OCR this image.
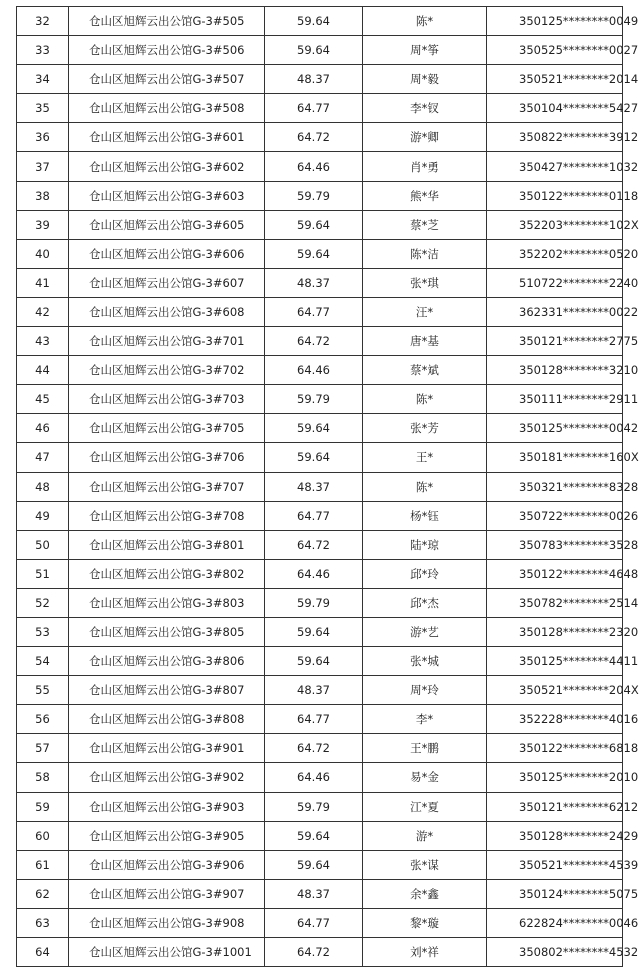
32	仓山区旭辉云出公馆G-3#505	59.64	陈*	350125********0049
33	仓山区旭辉云出公馆G-3#506	59.64	周*筝	350525********0027
34	仓山区旭辉云出公馆G-3#507	48.37	周*毅	350521********2014
35	仓山区旭辉云出公馆G-3#508	64.77	李*钗	350104********5427
36	仓山区旭辉云出公馆G-3#601	64.72	游*卿	350822********3912
37	仓山区旭辉云出公馆G-3#602	64.46	肖*勇	350427********1032
38	仓山区旭辉云出公馆G-3#603	59.79	熊*华	350122********0118
39	仓山区旭辉云出公馆G-3#605	59.64	蔡*芝	352203********102X
40	仓山区旭辉云出公馆G-3#606	59.64	陈*洁	352202********0520
41	仓山区旭辉云出公馆G-3#607	48.37	张*琪	510722********2240
42	仓山区旭辉云出公馆G-3#608	64.77	汪*	362331********0022
43	仓山区旭辉云出公馆G-3#701	64.72	唐*基	350121********2775
44	仓山区旭辉云出公馆G-3#702	64.46	蔡*斌	350128********3210
45	仓山区旭辉云出公馆G-3#703	59.79	陈*	350111********2911
46	仓山区旭辉云出公馆G-3#705	59.64	张*芳	350125********0042
47	仓山区旭辉云出公馆G-3#706	59.64	王*	350181********160X
48	仓山区旭辉云出公馆G-3#707	48.37	陈*	350321********8328
49	仓山区旭辉云出公馆G-3#708	64.77	杨*钰	350722********0026
50	仓山区旭辉云出公馆G-3#801	64.72	陆*琼	350783********3528
51	仓山区旭辉云出公馆G-3#802	64.46	邱*玲	350122********4648
52	仓山区旭辉云出公馆G-3#803	59.79	邱*杰	350782********2514
53	仓山区旭辉云出公馆G-3#805	59.64	游*艺	350128********2320
54	仓山区旭辉云出公馆G-3#806	59.64	张*城	350125********4411
55	仓山区旭辉云出公馆G-3#807	48.37	周*玲	350521********204X
56	仓山区旭辉云出公馆G-3#808	64.77	李*	352228********4016
57	仓山区旭辉云出公馆G-3#901	64.72	王*鹏	350122********6818
58	仓山区旭辉云出公馆G-3#902	64.46	易*金	350125********2010
59	仓山区旭辉云出公馆G-3#903	59.79	江*夏	350121********6212
60	仓山区旭辉云出公馆G-3#905	59.64	游*	350128********2429
61	仓山区旭辉云出公馆G-3#906	59.64	张*谋	350521********4539
62	仓山区旭辉云出公馆G-3#907	48.37	余*鑫	350124********5075
63	仓山区旭辉云出公馆G-3#908	64.77	黎*璇	622824********0046
64	仓山区旭辉云出公馆G-3#1001	64.72	刘*祥	350802********4532
